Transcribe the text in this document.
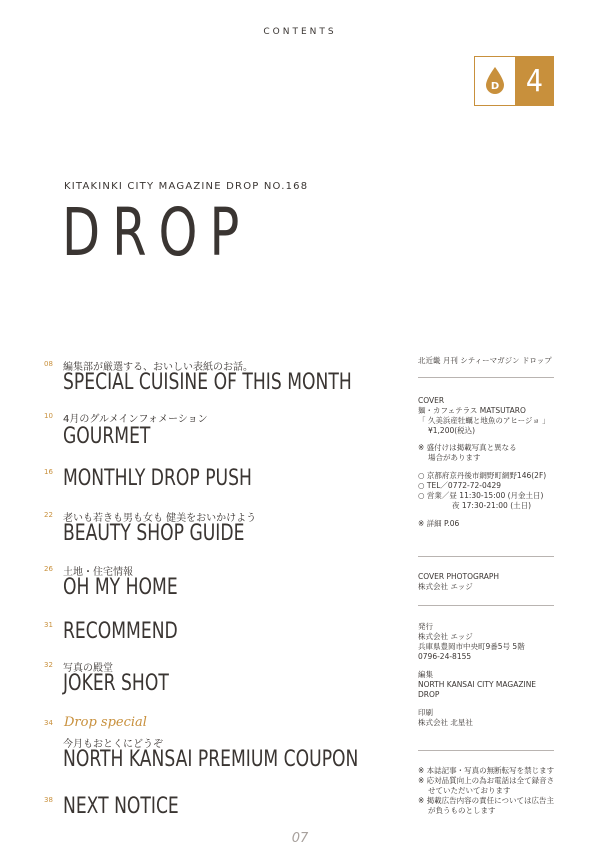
CONTENTS
D 4
KITAKINKI CITY MAGAZINE DROP NO.168
DROP
08 編集部が厳選する、おいしい表紙のお話。
SPECIAL CUISINE OF THIS MONTH
10 4月のグルメインフォメーション
GOURMET
16 MONTHLY DROP PUSH
22 老いも若きも男も女も 健美をおいかけよう
BEAUTY SHOP GUIDE
26 土地・住宅情報
OH MY HOME
31 RECOMMEND
32 写真の殿堂
JOKER SHOT
34 Drop special
今月もおとくにどうぞ
NORTH KANSAI PREMIUM COUPON
38 NEXT NOTICE
北近畿 月刊 シティーマガジン ドロップ
COVER
麺・カフェテラス MATSUTARO
「 久美浜産牡蠣と地魚のアヒージョ 」
¥1,200(税込)
※ 盛付けは掲載写真と異なる
場合があります
○ 京都府京丹後市網野町網野146(2F)
○ TEL／0772-72-0429
○ 営業／昼 11:30-15:00 (月金土日)
夜 17:30-21:00 (土日)
※ 詳細 P.06
COVER PHOTOGRAPH
株式会社 エッジ
発行
株式会社 エッジ
兵庫県豊岡市中央町9番5号 5階
0796-24-8155
編集
NORTH KANSAI CITY MAGAZINE
DROP
印刷
株式会社 北星社
※ 本誌記事・写真の無断転写を禁じます
※ 応対品質向上の為お電話は全て録音さ
せていただいております
※ 掲載広告内容の責任については広告主
が負うものとします
07
